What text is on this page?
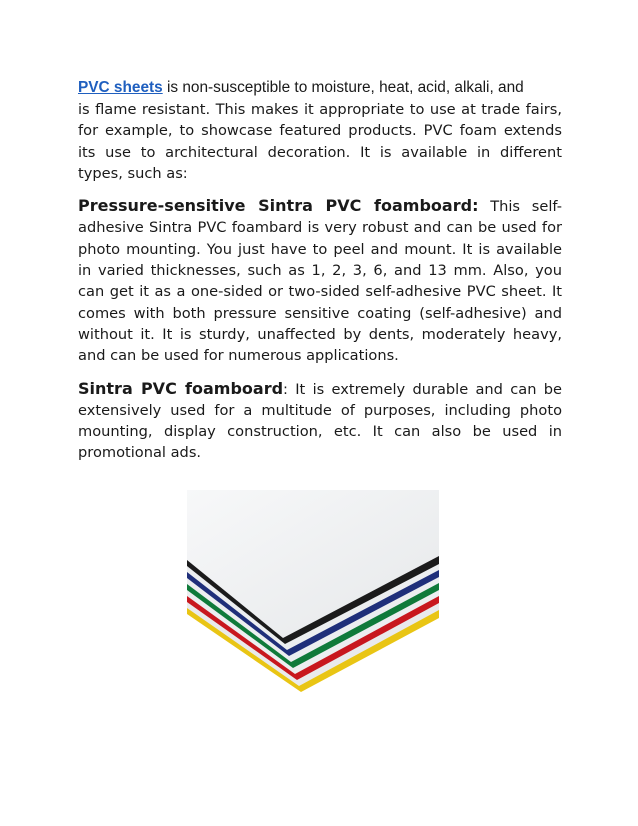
PVC sheets is non-susceptible to moisture, heat, acid, alkali, and

is flame resistant. This makes it appropriate to use at trade fairs, for example, to showcase featured products. PVC foam extends its use to architectural decoration. It is available in different types, such as:

Pressure-sensitive Sintra PVC foamboard: This self-adhesive Sintra PVC foambard is very robust and can be used for photo mounting. You just have to peel and mount. It is available in varied thicknesses, such as 1, 2, 3, 6, and 13 mm. Also, you can get it as a one-sided or two-sided self-adhesive PVC sheet. It comes with both pressure sensitive coating (self-adhesive) and without it. It is sturdy, unaffected by dents, moderately heavy, and can be used for numerous applications.

Sintra PVC foamboard: It is extremely durable and can be extensively used for a multitude of purposes, including photo mounting, display construction, etc. It can also be used in promotional ads.
